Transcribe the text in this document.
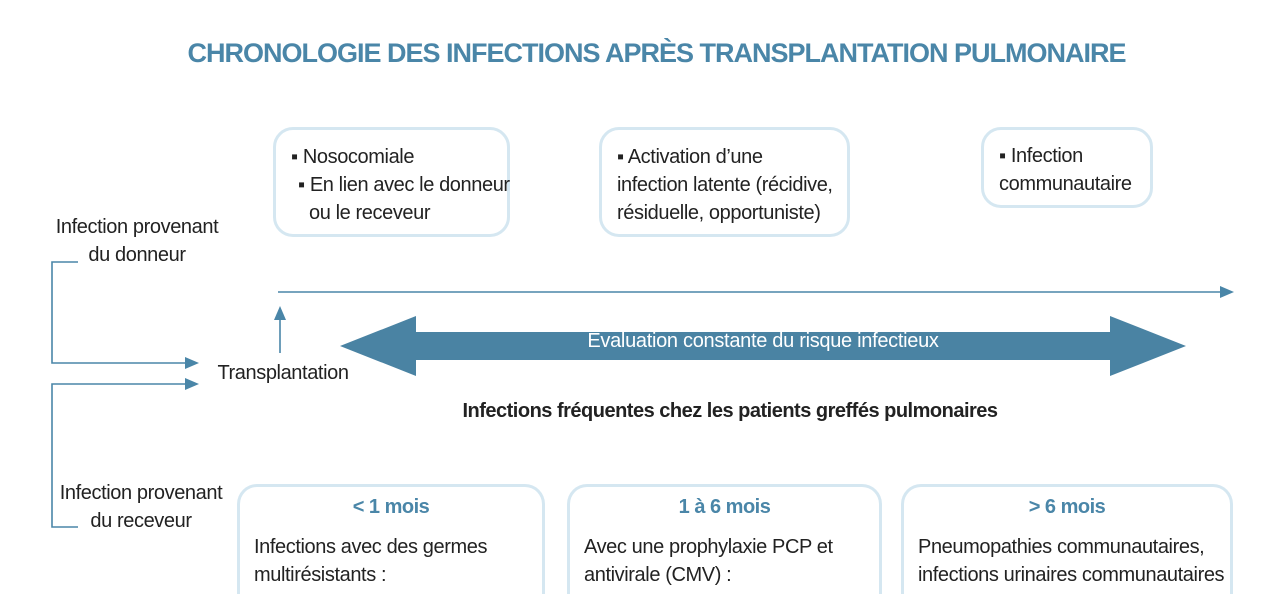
CHRONOLOGIE DES INFECTIONS APRÈS TRANSPLANTATION PULMONAIRE
Évaluation constante du risque infectieux
▪ Nosocomiale
▪ En lien avec le donneur
ou le receveur
▪ Activation d’une
infection latente (récidive,
résiduelle, opportuniste)
▪ Infection
communautaire
Infection provenant
du donneur
Transplantation
Infection provenant
du receveur
Infections fréquentes chez les patients greffés pulmonaires
< 1 mois
Infections avec des germes
multirésistants :
1 à 6 mois
Avec une prophylaxie PCP et
antivirale (CMV) :
> 6 mois
Pneumopathies communautaires,
infections urinaires communautaires
